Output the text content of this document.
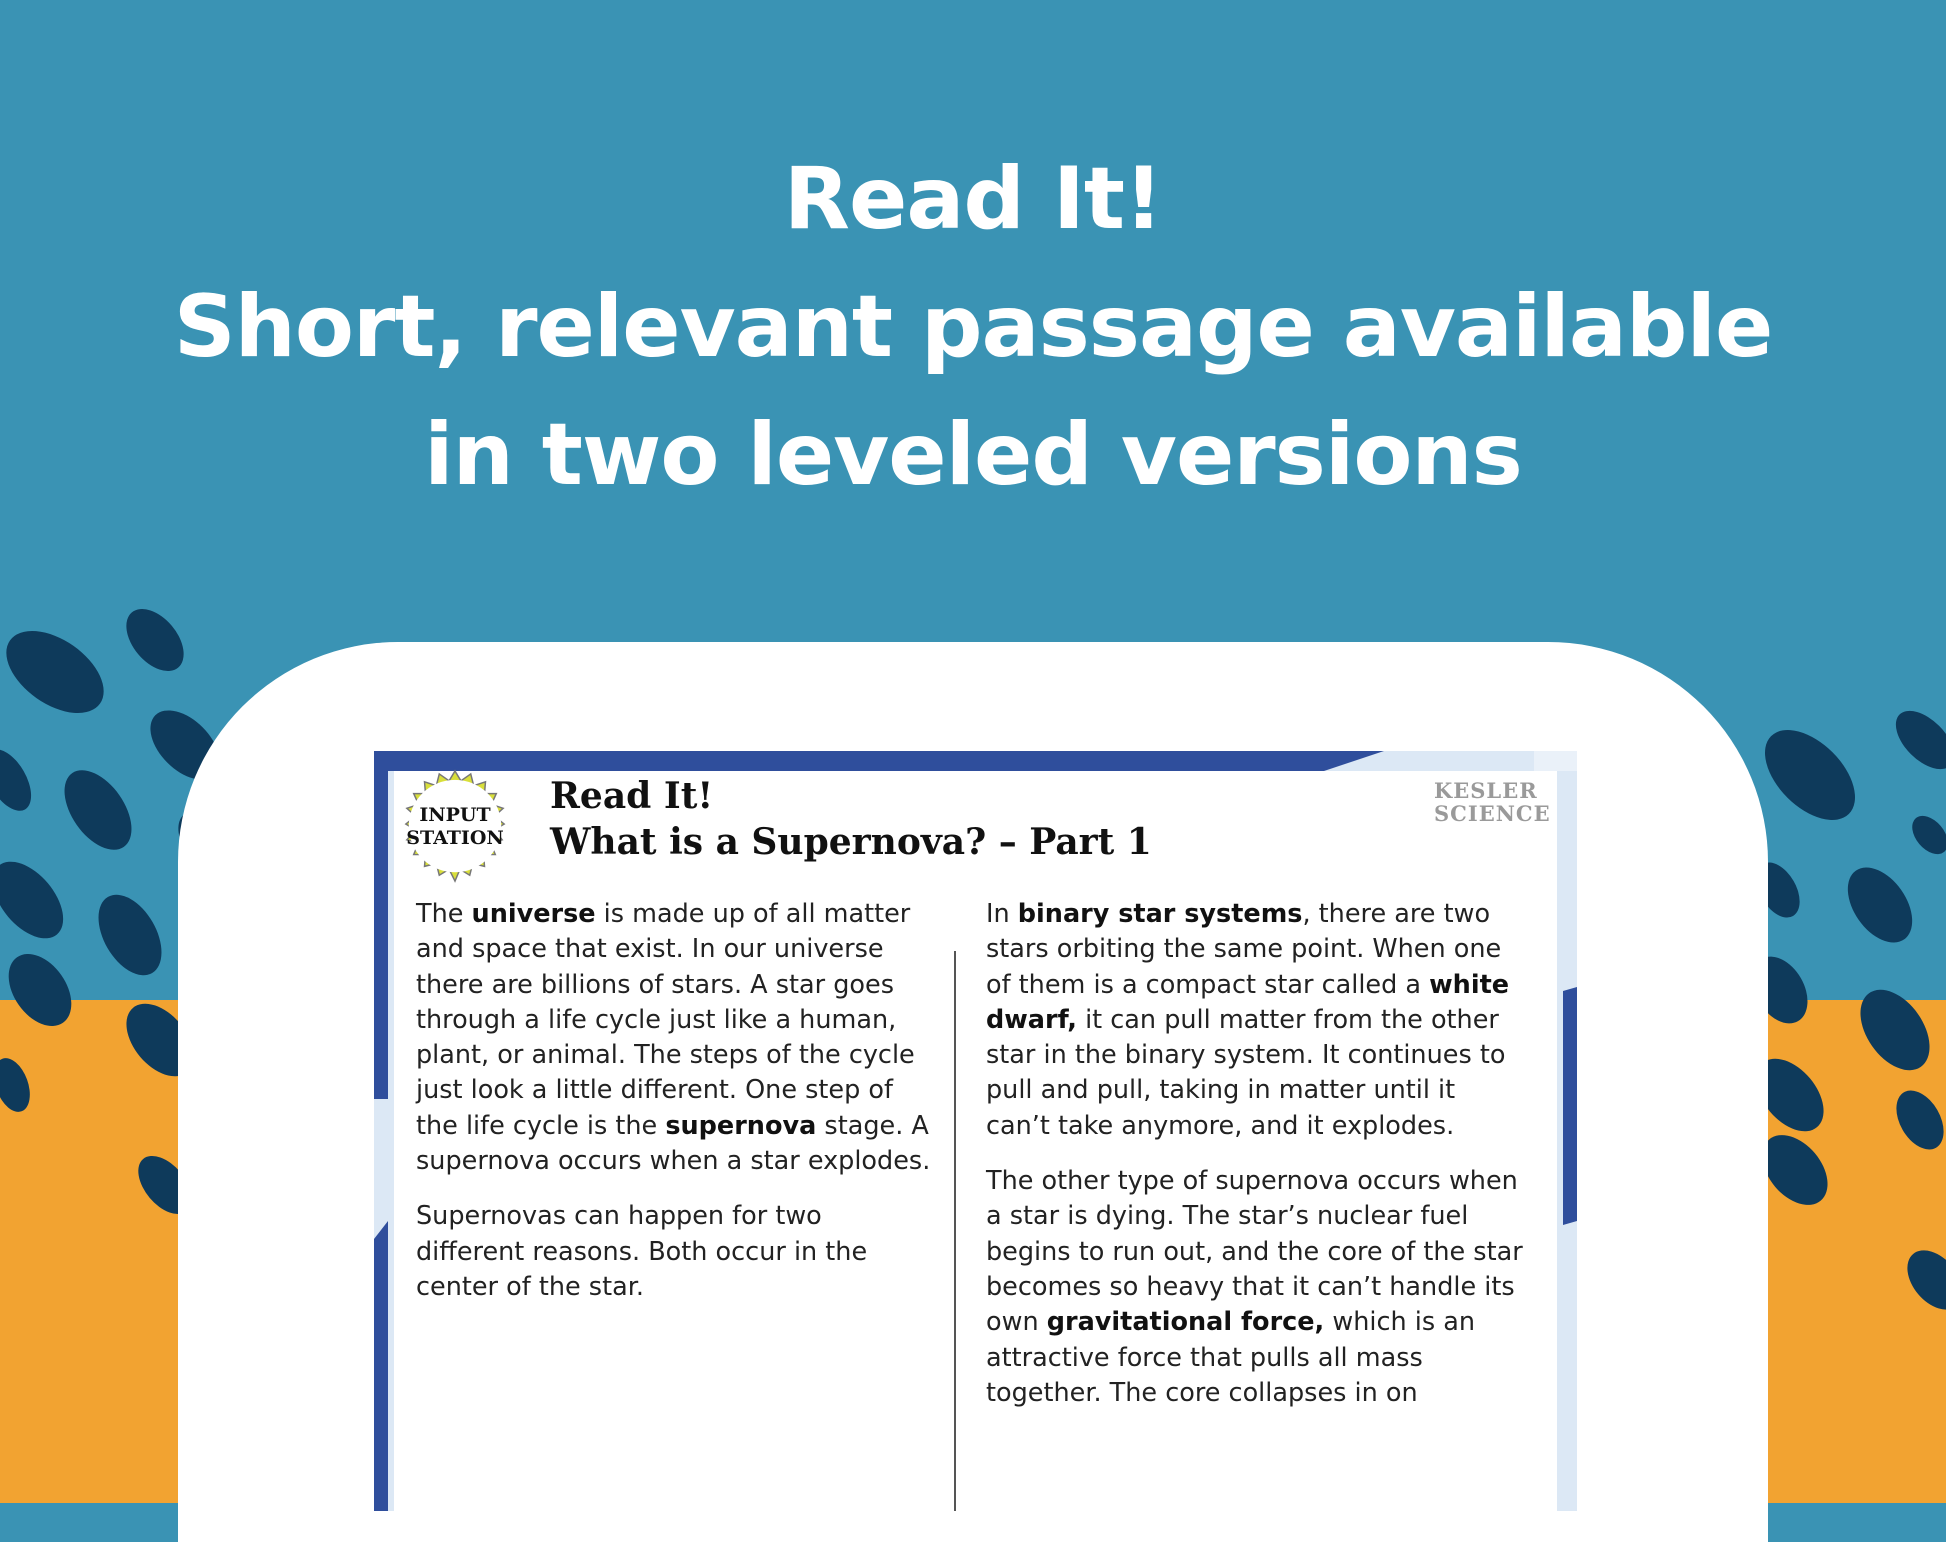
Read It!
Short, relevant passage available
in two leveled versions
INPUT
STATION
Read It!
What is a Supernova? – Part 1
KESLER
SCIENCE

The universe is made up of all matter and space that exist. In our universe there are billions of stars. A star goes through a life cycle just like a human, plant, or animal. The steps of the cycle just look a little different. One step of the life cycle is the supernova stage. A supernova occurs when a star explodes.

Supernovas can happen for two different reasons. Both occur in the center of the star.

In binary star systems, there are two stars orbiting the same point. When one of them is a compact star called a white dwarf, it can pull matter from the other star in the binary system. It continues to pull and pull, taking in matter until it can’t take anymore, and it explodes.

The other type of supernova occurs when a star is dying. The star’s nuclear fuel begins to run out, and the core of the star becomes so heavy that it can’t handle its own gravitational force, which is an attractive force that pulls all mass together. The core collapses in on
